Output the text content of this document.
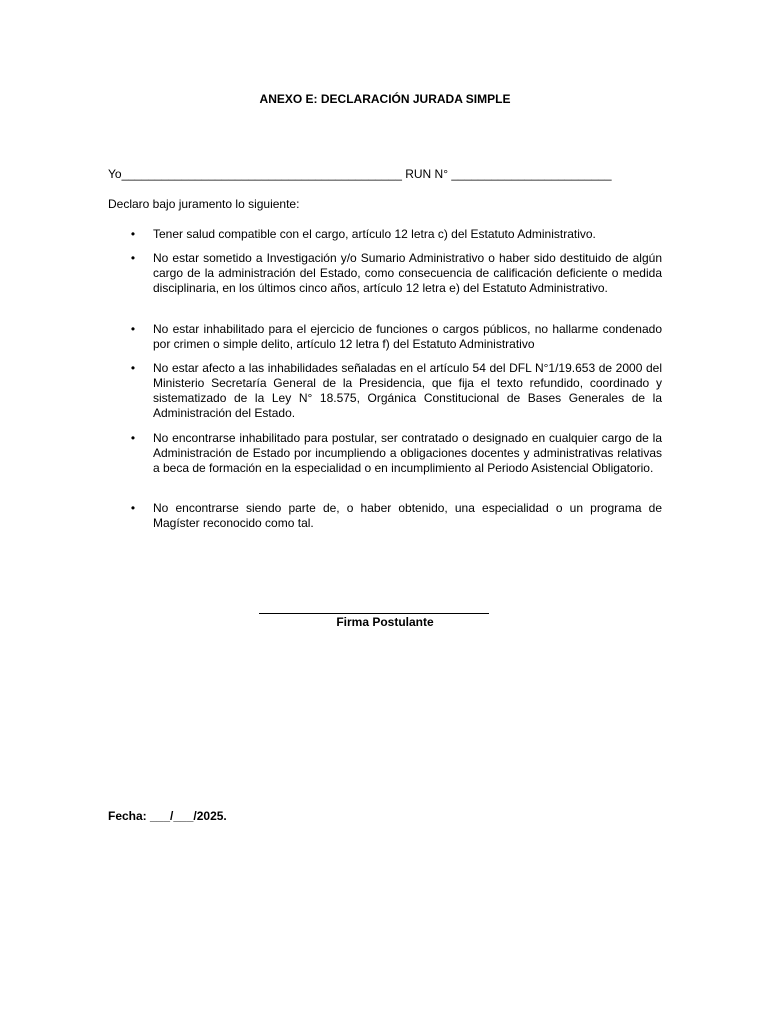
ANEXO E: DECLARACIÓN JURADA SIMPLE
Yo__________________________________________ RUN N° ________________________
Declaro bajo juramento lo siguiente:
• Tener salud compatible con el cargo, artículo 12 letra c) del Estatuto Administrativo.
• No estar sometido a Investigación y/o Sumario Administrativo o haber sido destituido de algún cargo de la administración del Estado, como consecuencia de calificación deficiente o medida disciplinaria, en los últimos cinco años, artículo 12 letra e) del Estatuto Administrativo.
• No estar inhabilitado para el ejercicio de funciones o cargos públicos, no hallarme condenado por crimen o simple delito, artículo 12 letra f) del Estatuto Administrativo
• No estar afecto a las inhabilidades señaladas en el artículo 54 del DFL N°1/19.653 de 2000 del Ministerio Secretaría General de la Presidencia, que fija el texto refundido, coordinado y sistematizado de la Ley N° 18.575, Orgánica Constitucional de Bases Generales de la Administración del Estado.
• No encontrarse inhabilitado para postular, ser contratado o designado en cualquier cargo de la Administración de Estado por incumpliendo a obligaciones docentes y administrativas relativas a beca de formación en la especialidad o en incumplimiento al Periodo Asistencial Obligatorio.
• No encontrarse siendo parte de, o haber obtenido, una especialidad o un programa de Magíster reconocido como tal.
Firma Postulante
Fecha: ___/___/2025.
